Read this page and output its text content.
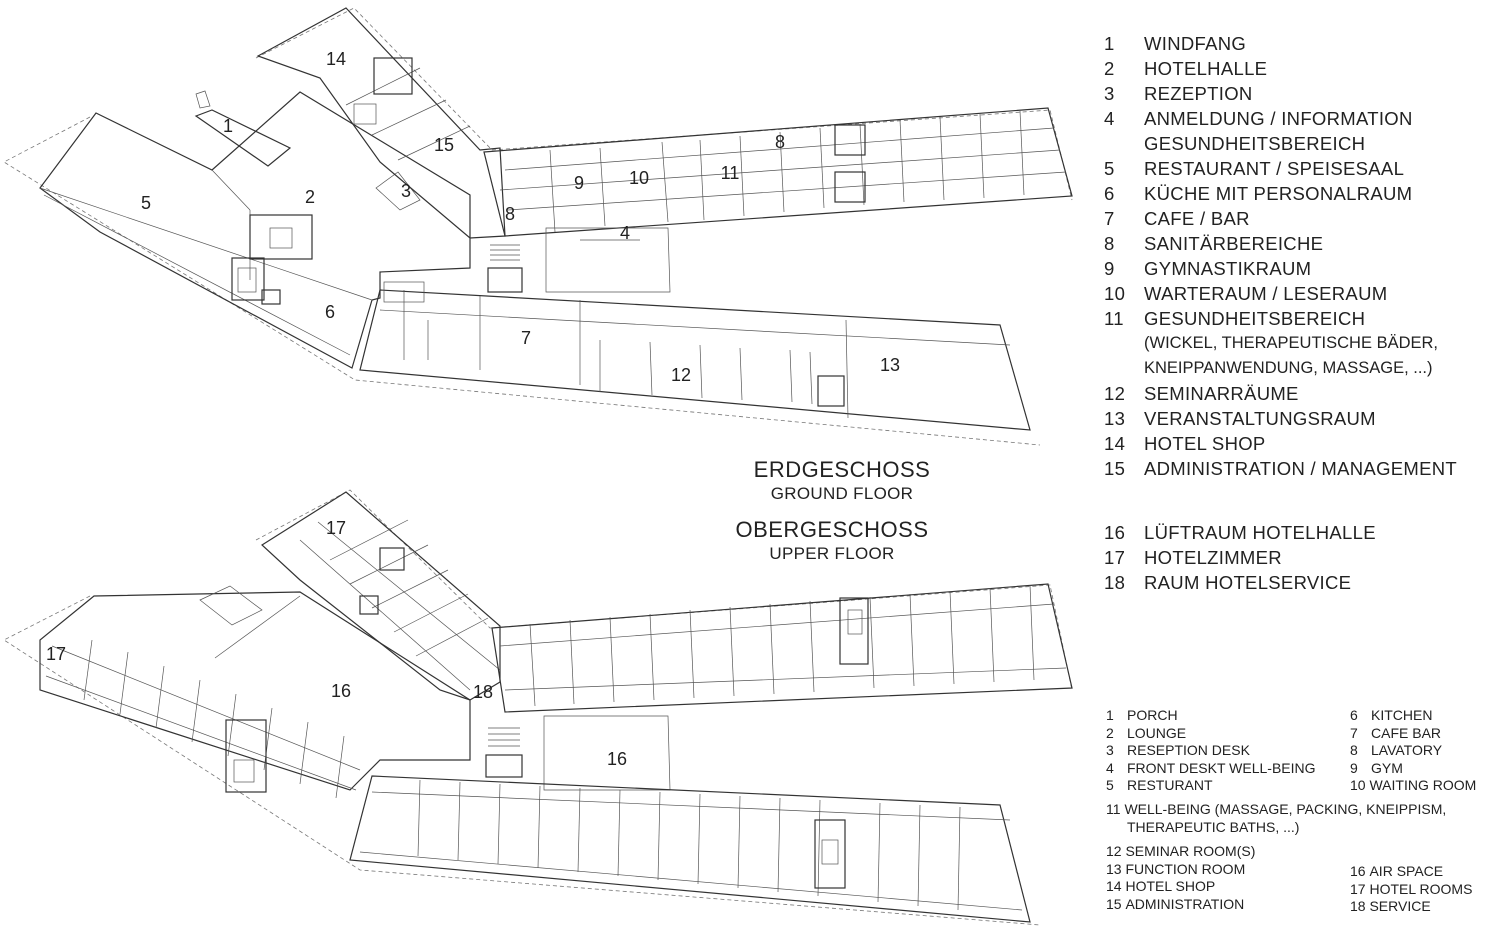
14
1
15
5	2	3	9 10
8
11
8
4
6
7
12	13
17
17
16	18
16
1	WINDFANG
2	HOTELHALLE
3	REZEPTION
4	ANMELDUNG / INFORMATION
GESUNDHEITSBEREICH
5	RESTAURANT / SPEISESAAL
6	KÜCHE MIT PERSONALRAUM
7	CAFE / BAR
8	SANITÄRBEREICHE
9	GYMNASTIKRAUM
10	WARTERAUM / LESERAUM
11	GESUNDHEITSBEREICH
(WICKEL, THERAPEUTISCHE BÄDER,
KNEIPPANWENDUNG, MASSAGE, ...)
12	SEMINARRÄUME
13	VERANSTALTUNGSRAUM
14	HOTEL SHOP
15	ADMINISTRATION / MANAGEMENT
16	LÜFTRAUM HOTELHALLE
17	HOTELZIMMER
18	RAUM HOTELSERVICE
ERDGESCHOSS
GROUND FLOOR
OBERGESCHOSS
UPPER FLOOR
1 PORCH
2 LOUNGE
3 RESEPTION DESK
4 FRONT DESKT WELL-BEING
5 RESTURANT
6 KITCHEN
7 CAFE BAR
8 LAVATORY
9 GYM
10
WAITING ROOM
11
WELL-BEING (MASSAGE, PACKING, KNEIPPISM,
THERAPEUTIC BATHS, ...)
12
SEMINAR ROOM(S)
13
FUNCTION ROOM
14
HOTEL SHOP
15
ADMINISTRATION
16
AIR SPACE
17
HOTEL ROOMS
18
SERVICE
